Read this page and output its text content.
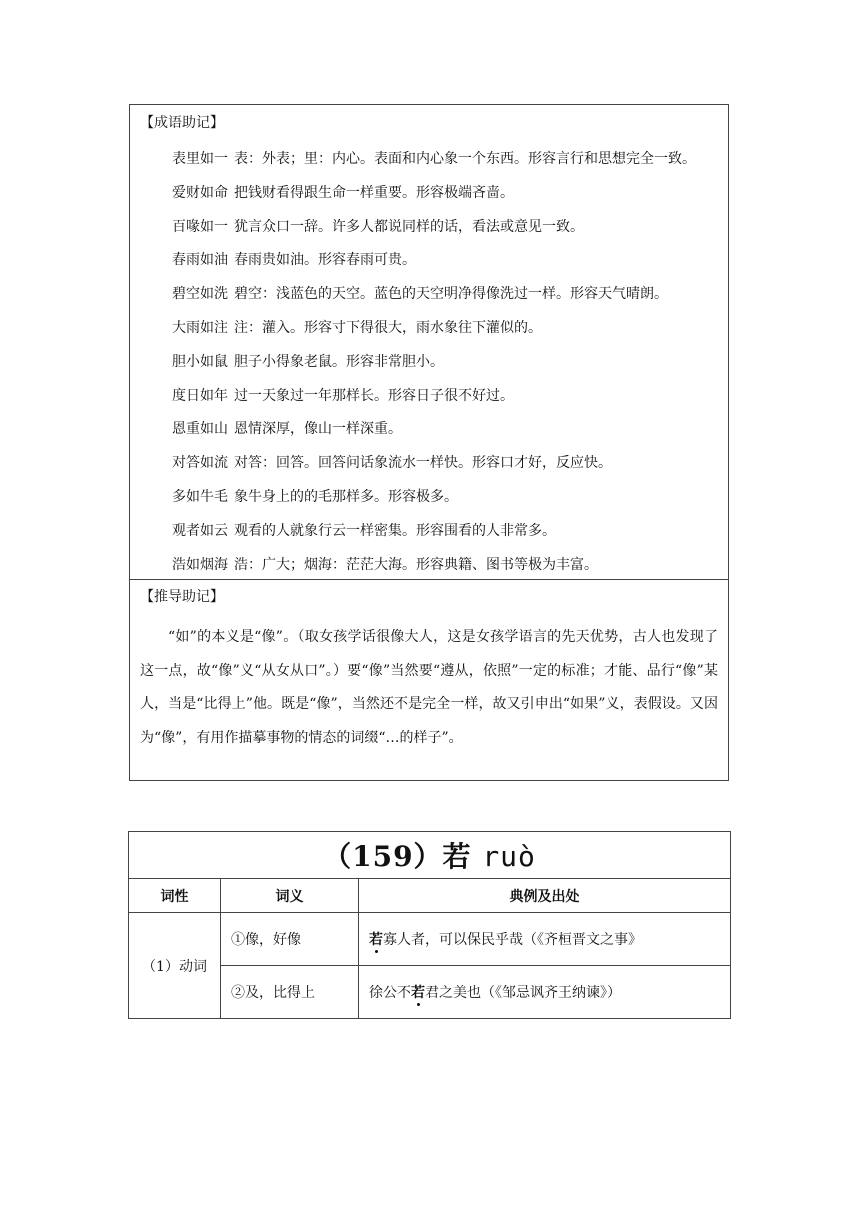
【成语助记】
表里如一 表：外表；里：内心。表面和内心象一个东西。形容言行和思想完全一致。
爱财如命 把钱财看得跟生命一样重要。形容极端吝啬。
百喙如一 犹言众口一辞。许多人都说同样的话，看法或意见一致。
春雨如油 春雨贵如油。形容春雨可贵。
碧空如洗 碧空：浅蓝色的天空。蓝色的天空明净得像洗过一样。形容天气晴朗。
大雨如注 注：灌入。形容寸下得很大，雨水象往下灌似的。
胆小如鼠 胆子小得象老鼠。形容非常胆小。
度日如年 过一天象过一年那样长。形容日子很不好过。
恩重如山 恩情深厚，像山一样深重。
对答如流 对答：回答。回答问话象流水一样快。形容口才好，反应快。
多如牛毛 象牛身上的的毛那样多。形容极多。
观者如云 观看的人就象行云一样密集。形容围看的人非常多。
浩如烟海 浩：广大；烟海：茫茫大海。形容典籍、图书等极为丰富。
【推导助记】

“如”的本义是“像”。（取女孩学话很像大人，这是女孩学语言的先天优势，古人也发现了这一点，故“像”义“从女从口”。）要“像”当然要“遵从，依照”一定的标准；才能、品行“像”某人，当是“比得上”他。既是“像”，当然还不是完全一样，故又引申出“如果”义，表假设。又因为“像”，有用作描摹事物的情态的词缀“…的样子”。

（159）若 ruò		
词性	词义	典例及出处
（1）动词	①像，好像	若寡人者，可以保民乎哉（《齐桓晋文之事》
	②及，比得上	徐公不若君之美也（《邹忌讽齐王纳谏》）
